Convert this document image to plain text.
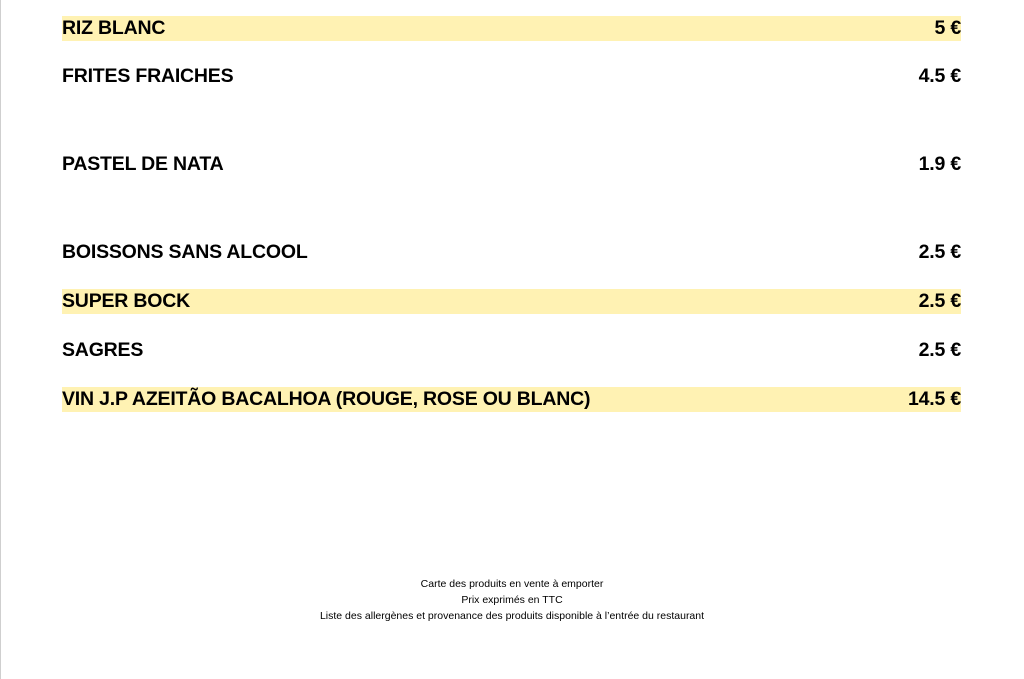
RIZ BLANC	5 €
FRITES FRAICHES	4.5 €
PASTEL DE NATA	1.9 €
BOISSONS SANS ALCOOL	2.5 €
SUPER BOCK	2.5 €
SAGRES	2.5 €
VIN J.P AZEITÃO BACALHOA (ROUGE, ROSE OU BLANC)	14.5 €
Carte des produits en vente à emporter
Prix exprimés en TTC
Liste des allergènes et provenance des produits disponible à l’entrée du restaurant
